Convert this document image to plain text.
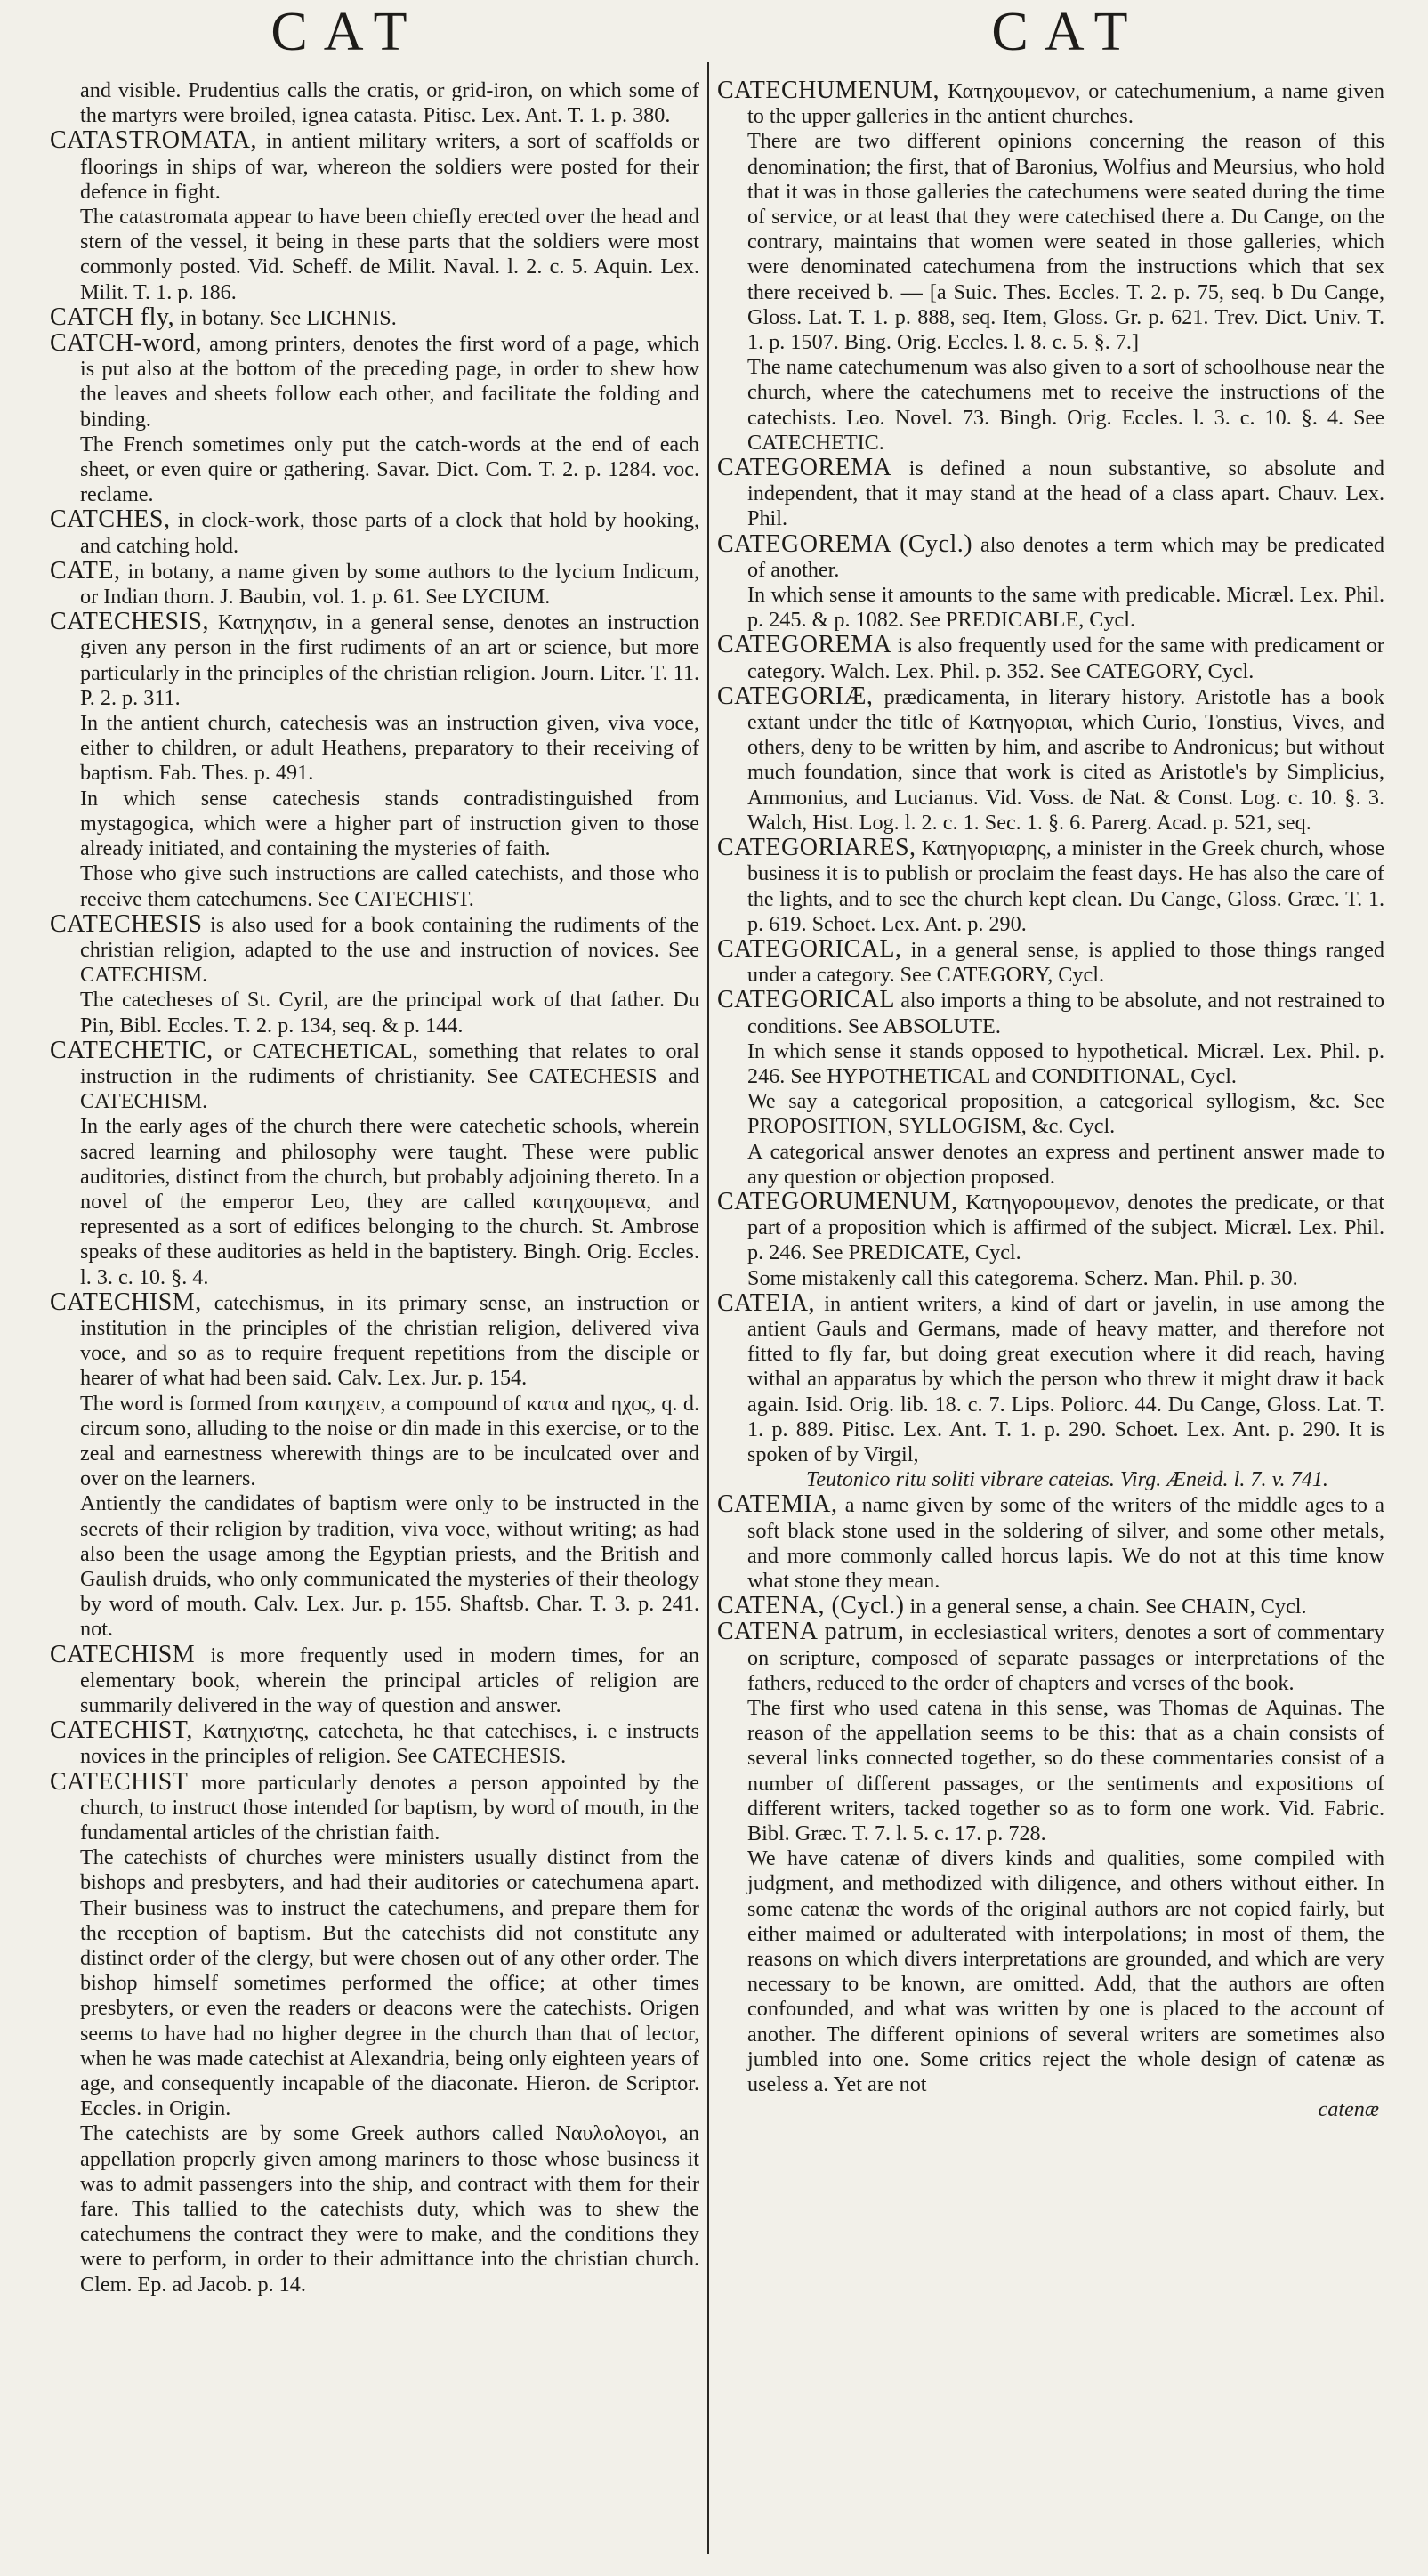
CAT	CAT

and visible. Prudentius calls the cratis, or grid-iron, on which some of the martyrs were broiled, ignea catasta. Pitisc. Lex. Ant. T. 1. p. 380.

CATASTROMATA, in antient military writers, a sort of scaffolds or floorings in ships of war, whereon the soldiers were posted for their defence in fight.

The catastromata appear to have been chiefly erected over the head and stern of the vessel, it being in these parts that the soldiers were most commonly posted. Vid. Scheff. de Milit. Naval. l. 2. c. 5. Aquin. Lex. Milit. T. 1. p. 186.

CATCH fly, in botany. See LICHNIS.

CATCH-word, among printers, denotes the first word of a page, which is put also at the bottom of the preceding page, in order to shew how the leaves and sheets follow each other, and facilitate the folding and binding.

The French sometimes only put the catch-words at the end of each sheet, or even quire or gathering. Savar. Dict. Com. T. 2. p. 1284. voc. reclame.

CATCHES, in clock-work, those parts of a clock that hold by hooking, and catching hold.

CATE, in botany, a name given by some authors to the lycium Indicum, or Indian thorn. J. Baubin, vol. 1. p. 61. See LYCIUM.

CATECHESIS, Κατηχησιν, in a general sense, denotes an instruction given any person in the first rudiments of an art or science, but more particularly in the principles of the christian religion. Journ. Liter. T. 11. P. 2. p. 311.

In the antient church, catechesis was an instruction given, viva voce, either to children, or adult Heathens, preparatory to their receiving of baptism. Fab. Thes. p. 491.

In which sense catechesis stands contradistinguished from mystagogica, which were a higher part of instruction given to those already initiated, and containing the mysteries of faith.

Those who give such instructions are called catechists, and those who receive them catechumens. See CATECHIST.

CATECHESIS is also used for a book containing the rudiments of the christian religion, adapted to the use and instruction of novices. See CATECHISM.

The catecheses of St. Cyril, are the principal work of that father. Du Pin, Bibl. Eccles. T. 2. p. 134, seq. & p. 144.

CATECHETIC, or CATECHETICAL, something that relates to oral instruction in the rudiments of christianity. See CATECHESIS and CATECHISM.

In the early ages of the church there were catechetic schools, wherein sacred learning and philosophy were taught. These were public auditories, distinct from the church, but probably adjoining thereto. In a novel of the emperor Leo, they are called κατηχουμενα, and represented as a sort of edifices belonging to the church. St. Ambrose speaks of these auditories as held in the baptistery. Bingh. Orig. Eccles. l. 3. c. 10. §. 4.

CATECHISM, catechismus, in its primary sense, an instruction or institution in the principles of the christian religion, delivered viva voce, and so as to require frequent repetitions from the disciple or hearer of what had been said. Calv. Lex. Jur. p. 154.

The word is formed from κατηχειν, a compound of κατα and ηχος, q. d. circum sono, alluding to the noise or din made in this exercise, or to the zeal and earnestness wherewith things are to be inculcated over and over on the learners.

Antiently the candidates of baptism were only to be instructed in the secrets of their religion by tradition, viva voce, without writing; as had also been the usage among the Egyptian priests, and the British and Gaulish druids, who only communicated the mysteries of their theology by word of mouth. Calv. Lex. Jur. p. 155. Shaftsb. Char. T. 3. p. 241. not.

CATECHISM is more frequently used in modern times, for an elementary book, wherein the principal articles of religion are summarily delivered in the way of question and answer.

CATECHIST, Κατηχιστης, catecheta, he that catechises, i. e instructs novices in the principles of religion. See CATECHESIS.

CATECHIST more particularly denotes a person appointed by the church, to instruct those intended for baptism, by word of mouth, in the fundamental articles of the christian faith.

The catechists of churches were ministers usually distinct from the bishops and presbyters, and had their auditories or catechumena apart. Their business was to instruct the catechumens, and prepare them for the reception of baptism. But the catechists did not constitute any distinct order of the clergy, but were chosen out of any other order. The bishop himself sometimes performed the office; at other times presbyters, or even the readers or deacons were the catechists. Origen seems to have had no higher degree in the church than that of lector, when he was made catechist at Alexandria, being only eighteen years of age, and consequently incapable of the diaconate. Hieron. de Scriptor. Eccles. in Origin.

The catechists are by some Greek authors called Ναυλολογοι, an appellation properly given among mariners to those whose business it was to admit passengers into the ship, and contract with them for their fare. This tallied to the catechists duty, which was to shew the catechumens the contract they were to make, and the conditions they were to perform, in order to their admittance into the christian church. Clem. Ep. ad Jacob. p. 14.

CATECHUMENUM, Κατηχουμενον, or catechumenium, a name given to the upper galleries in the antient churches.

There are two different opinions concerning the reason of this denomination; the first, that of Baronius, Wolfius and Meursius, who hold that it was in those galleries the catechumens were seated during the time of service, or at least that they were catechised there a. Du Cange, on the contrary, maintains that women were seated in those galleries, which were denominated catechumena from the instructions which that sex there received b. — [a Suic. Thes. Eccles. T. 2. p. 75, seq. b Du Cange, Gloss. Lat. T. 1. p. 888, seq. Item, Gloss. Gr. p. 621. Trev. Dict. Univ. T. 1. p. 1507. Bing. Orig. Eccles. l. 8. c. 5. §. 7.]

The name catechumenum was also given to a sort of schoolhouse near the church, where the catechumens met to receive the instructions of the catechists. Leo. Novel. 73. Bingh. Orig. Eccles. l. 3. c. 10. §. 4. See CATECHETIC.

CATEGOREMA is defined a noun substantive, so absolute and independent, that it may stand at the head of a class apart. Chauv. Lex. Phil.

CATEGOREMA (Cycl.) also denotes a term which may be predicated of another.

In which sense it amounts to the same with predicable. Micræl. Lex. Phil. p. 245. & p. 1082. See PREDICABLE, Cycl.

CATEGOREMA is also frequently used for the same with predicament or category. Walch. Lex. Phil. p. 352. See CATEGORY, Cycl.

CATEGORIÆ, prædicamenta, in literary history. Aristotle has a book extant under the title of Κατηγοριαι, which Curio, Tonstius, Vives, and others, deny to be written by him, and ascribe to Andronicus; but without much foundation, since that work is cited as Aristotle's by Simplicius, Ammonius, and Lucianus. Vid. Voss. de Nat. & Const. Log. c. 10. §. 3. Walch, Hist. Log. l. 2. c. 1. Sec. 1. §. 6. Parerg. Acad. p. 521, seq.

CATEGORIARES, Κατηγοριαρης, a minister in the Greek church, whose business it is to publish or proclaim the feast days. He has also the care of the lights, and to see the church kept clean. Du Cange, Gloss. Græc. T. 1. p. 619. Schoet. Lex. Ant. p. 290.

CATEGORICAL, in a general sense, is applied to those things ranged under a category. See CATEGORY, Cycl.

CATEGORICAL also imports a thing to be absolute, and not restrained to conditions. See ABSOLUTE.

In which sense it stands opposed to hypothetical. Micræl. Lex. Phil. p. 246. See HYPOTHETICAL and CONDITIONAL, Cycl.

We say a categorical proposition, a categorical syllogism, &c. See PROPOSITION, SYLLOGISM, &c. Cycl.

A categorical answer denotes an express and pertinent answer made to any question or objection proposed.

CATEGORUMENUM, Κατηγορουμενον, denotes the predicate, or that part of a proposition which is affirmed of the subject. Micræl. Lex. Phil. p. 246. See PREDICATE, Cycl.

Some mistakenly call this categorema. Scherz. Man. Phil. p. 30.

CATEIA, in antient writers, a kind of dart or javelin, in use among the antient Gauls and Germans, made of heavy matter, and therefore not fitted to fly far, but doing great execution where it did reach, having withal an apparatus by which the person who threw it might draw it back again. Isid. Orig. lib. 18. c. 7. Lips. Poliorc. 44. Du Cange, Gloss. Lat. T. 1. p. 889. Pitisc. Lex. Ant. T. 1. p. 290. Schoet. Lex. Ant. p. 290. It is spoken of by Virgil,

Teutonico ritu soliti vibrare cateias. Virg. Æneid. l. 7. v. 741.

CATEMIA, a name given by some of the writers of the middle ages to a soft black stone used in the soldering of silver, and some other metals, and more commonly called horcus lapis. We do not at this time know what stone they mean.

CATENA, (Cycl.) in a general sense, a chain. See CHAIN, Cycl.

CATENA patrum, in ecclesiastical writers, denotes a sort of commentary on scripture, composed of separate passages or interpretations of the fathers, reduced to the order of chapters and verses of the book.

The first who used catena in this sense, was Thomas de Aquinas. The reason of the appellation seems to be this: that as a chain consists of several links connected together, so do these commentaries consist of a number of different passages, or the sentiments and expositions of different writers, tacked together so as to form one work. Vid. Fabric. Bibl. Græc. T. 7. l. 5. c. 17. p. 728.

We have catenæ of divers kinds and qualities, some compiled with judgment, and methodized with diligence, and others without either. In some catenæ the words of the original authors are not copied fairly, but either maimed or adulterated with interpolations; in most of them, the reasons on which divers interpretations are grounded, and which are very necessary to be known, are omitted. Add, that the authors are often confounded, and what was written by one is placed to the account of another. The different opinions of several writers are sometimes also jumbled into one. Some critics reject the whole design of catenæ as useless a. Yet are not

catenæ
